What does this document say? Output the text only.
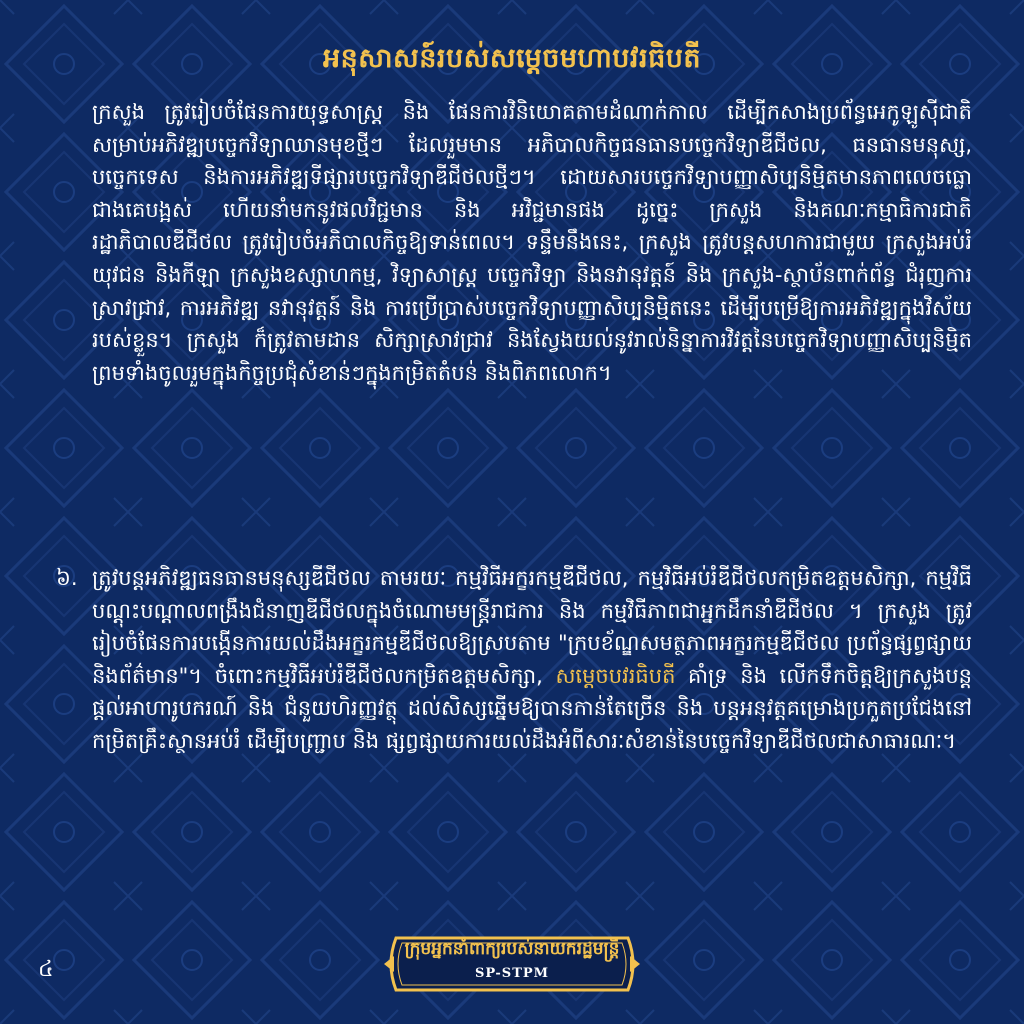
អនុសាសន៍របស់សម្តេចមហាបវរធិបតី
ក្រសួង ត្រូវរៀបចំផែនការយុទ្ធសាស្ត្រ និង ផែនការវិនិយោគតាមដំណាក់កាល ដើម្បីកសាងប្រព័ន្ធអេកូឡូស៊ីជាតិ សម្រាប់អភិវឌ្ឍបច្ចេកវិទ្យាឈានមុខថ្មីៗ ដែលរួមមាន អភិបាលកិច្ចធនធានបច្ចេកវិទ្យាឌីជីថល, ធនធានមនុស្ស, បច្ចេកទេស និងការអភិវឌ្ឍទីផ្សារបច្ចេកវិទ្យាឌីជីថលថ្មីៗ។ ដោយសារបច្ចេកវិទ្យាបញ្ញាសិប្បនិម្មិតមានភាពលេចធ្លោជាងគេបង្អស់ ហើយនាំមកនូវផលវិជ្ជមាន និង អវិជ្ជមានផង ដូច្នេះ ក្រសួង និងគណៈកម្មាធិការជាតិ រដ្ឋាភិបាលឌីជីថល ត្រូវរៀបចំអភិបាលកិច្ចឱ្យទាន់ពេល។ ទន្ទឹមនឹងនេះ, ក្រសួង ត្រូវបន្តសហការជាមួយ ក្រសួងអប់រំ យុវជន និងកីឡា ក្រសួងឧស្សាហកម្ម, វិទ្យាសាស្ត្រ បច្ចេកវិទ្យា និងនវានុវត្តន៍ និង ក្រសួង-ស្ថាប័នពាក់ព័ន្ធ ជំរុញការស្រាវជ្រាវ, ការអភិវឌ្ឍ នវានុវត្តន៍ និង ការប្រើប្រាស់បច្ចេកវិទ្យាបញ្ញាសិប្បនិម្មិតនេះ ដើម្បីបម្រើឱ្យការអភិវឌ្ឍក្នុងវិស័យរបស់ខ្លួន។ ក្រសួង ក៏ត្រូវតាមដាន សិក្សាស្រាវជ្រាវ និងស្វែងយល់នូវរាល់និន្នាការវិវត្តនៃបច្ចេកវិទ្យាបញ្ញាសិប្បនិម្មិត ព្រមទាំងចូលរួមក្នុងកិច្ចប្រជុំសំខាន់ៗក្នុងកម្រិតតំបន់ និងពិភពលោក។
៦. ត្រូវបន្តអភិវឌ្ឍធនធានមនុស្សឌីជីថល តាមរយៈ កម្មវិធីអក្ខរកម្មឌីជីថល, កម្មវិធីអប់រំឌីជីថលកម្រិតឧត្តមសិក្សា, កម្មវិធីបណ្តុះបណ្តាលពង្រឹងជំនាញឌីជីថលក្នុងចំណោមមន្ត្រីរាជការ និង កម្មវិធីភាពជាអ្នកដឹកនាំឌីជីថល ។ ក្រសួង ត្រូវរៀបចំផែនការបង្កើនការយល់ដឹងអក្ខរកម្មឌីជីថលឱ្យស្របតាម "ក្របខ័ណ្ឌសមត្ថភាពអក្ខរកម្មឌីជីថល ប្រព័ន្ធផ្សព្វផ្សាយ និងព័ត៌មាន"។ ចំពោះកម្មវិធីអប់រំឌីជីថលកម្រិតឧត្តមសិក្សា, សម្តេចបវរធិបតី គាំទ្រ និង លើកទឹកចិត្តឱ្យក្រសួងបន្តផ្តល់អាហារូបករណ៍ និង ជំនួយហិរញ្ញវត្ថុ ដល់សិស្សឆ្នើមឱ្យបានកាន់តែច្រើន និង បន្តអនុវត្តគម្រោងប្រកួតប្រជែងនៅកម្រិតគ្រឹះស្ថានអប់រំ ដើម្បីបញ្ជ្រាប និង ផ្សព្វផ្សាយការយល់ដឹងអំពីសារៈសំខាន់នៃបច្ចេកវិទ្យាឌីជីថលជាសាធារណៈ។
៤
ក្រុមអ្នកនាំពាក្យរបស់នាយករដ្ឋមន្ត្រី
SP-STPM
